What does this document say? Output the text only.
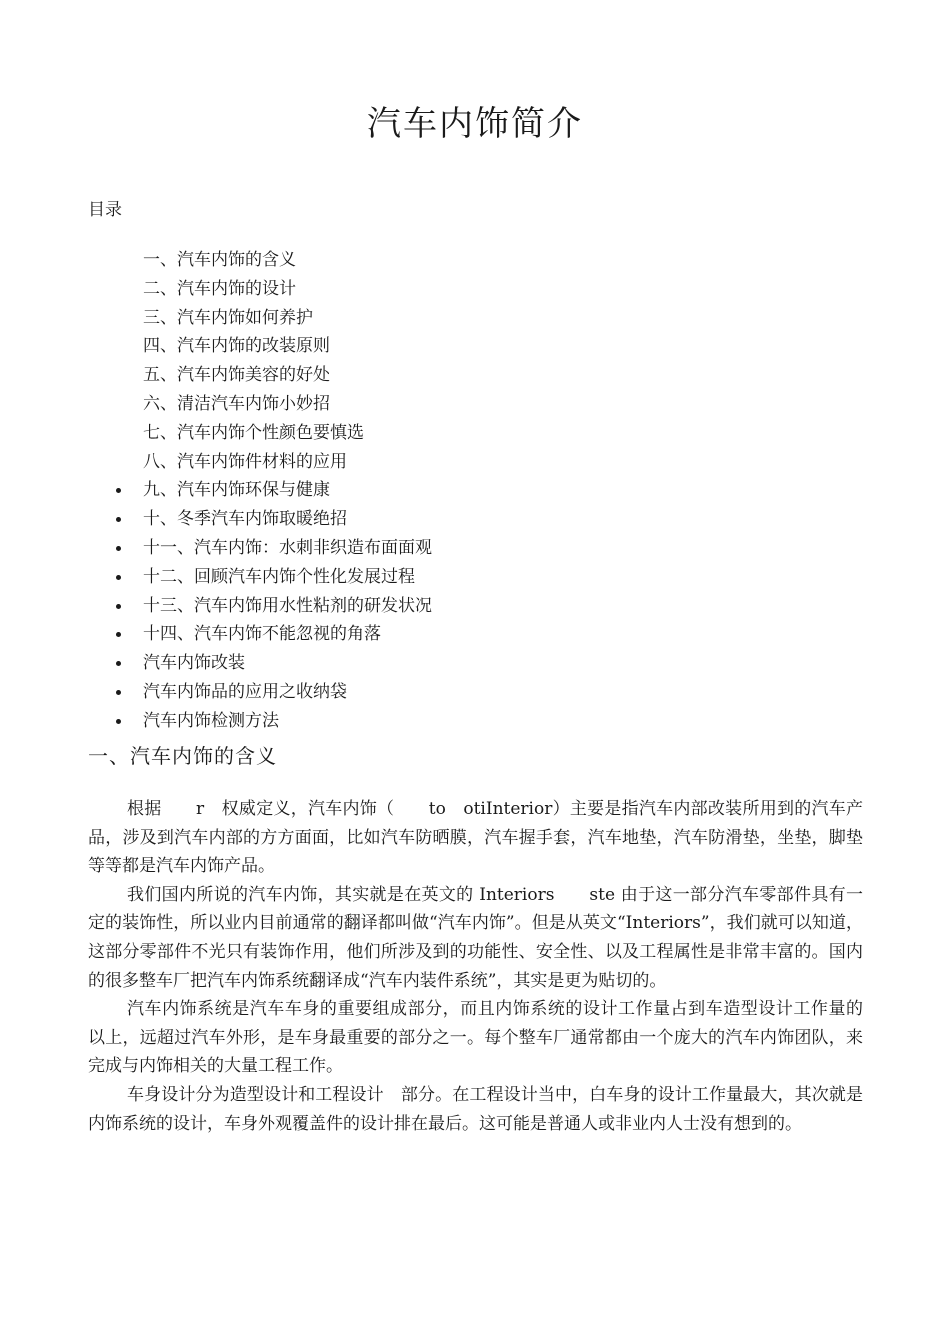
汽车内饰简介
目录
一、汽车内饰的含义
二、汽车内饰的设计
三、汽车内饰如何养护
四、汽车内饰的改装原则
五、汽车内饰美容的好处
六、清洁汽车内饰小妙招
七、汽车内饰个性颜色要慎选
八、汽车内饰件材料的应用
九、汽车内饰环保与健康
十、冬季汽车内饰取暖绝招
十一、汽车内饰：水刺非织造布面面观
十二、回顾汽车内饰个性化发展过程
十三、汽车内饰用水性粘剂的研发状况
十四、汽车内饰不能忽视的角落
汽车内饰改装
汽车内饰品的应用之收纳袋
汽车内饰检测方法
一、汽车内饰的含义

根据　　r　权威定义，汽车内饰（　　to　otiInterior）主要是指汽车内部改装所用到的汽车产品，涉及到汽车内部的方方面面，比如汽车防晒膜，汽车握手套，汽车地垫，汽车防滑垫，坐垫，脚垫等等都是汽车内饰产品。

我们国内所说的汽车内饰，其实就是在英文的 Interiors　　ste 由于这一部分汽车零部件具有一定的装饰性，所以业内目前通常的翻译都叫做“汽车内饰”。但是从英文“Interiors”，我们就可以知道，这部分零部件不光只有装饰作用，他们所涉及到的功能性、安全性、以及工程属性是非常丰富的。国内的很多整车厂把汽车内饰系统翻译成“汽车内装件系统”，其实是更为贴切的。

汽车内饰系统是汽车车身的重要组成部分，而且内饰系统的设计工作量占到车造型设计工作量的　　以上，远超过汽车外形，是车身最重要的部分之一。每个整车厂通常都由一个庞大的汽车内饰团队，来完成与内饰相关的大量工程工作。

车身设计分为造型设计和工程设计　部分。在工程设计当中，白车身的设计工作量最大，其次就是内饰系统的设计，车身外观覆盖件的设计排在最后。这可能是普通人或非业内人士没有想到的。
